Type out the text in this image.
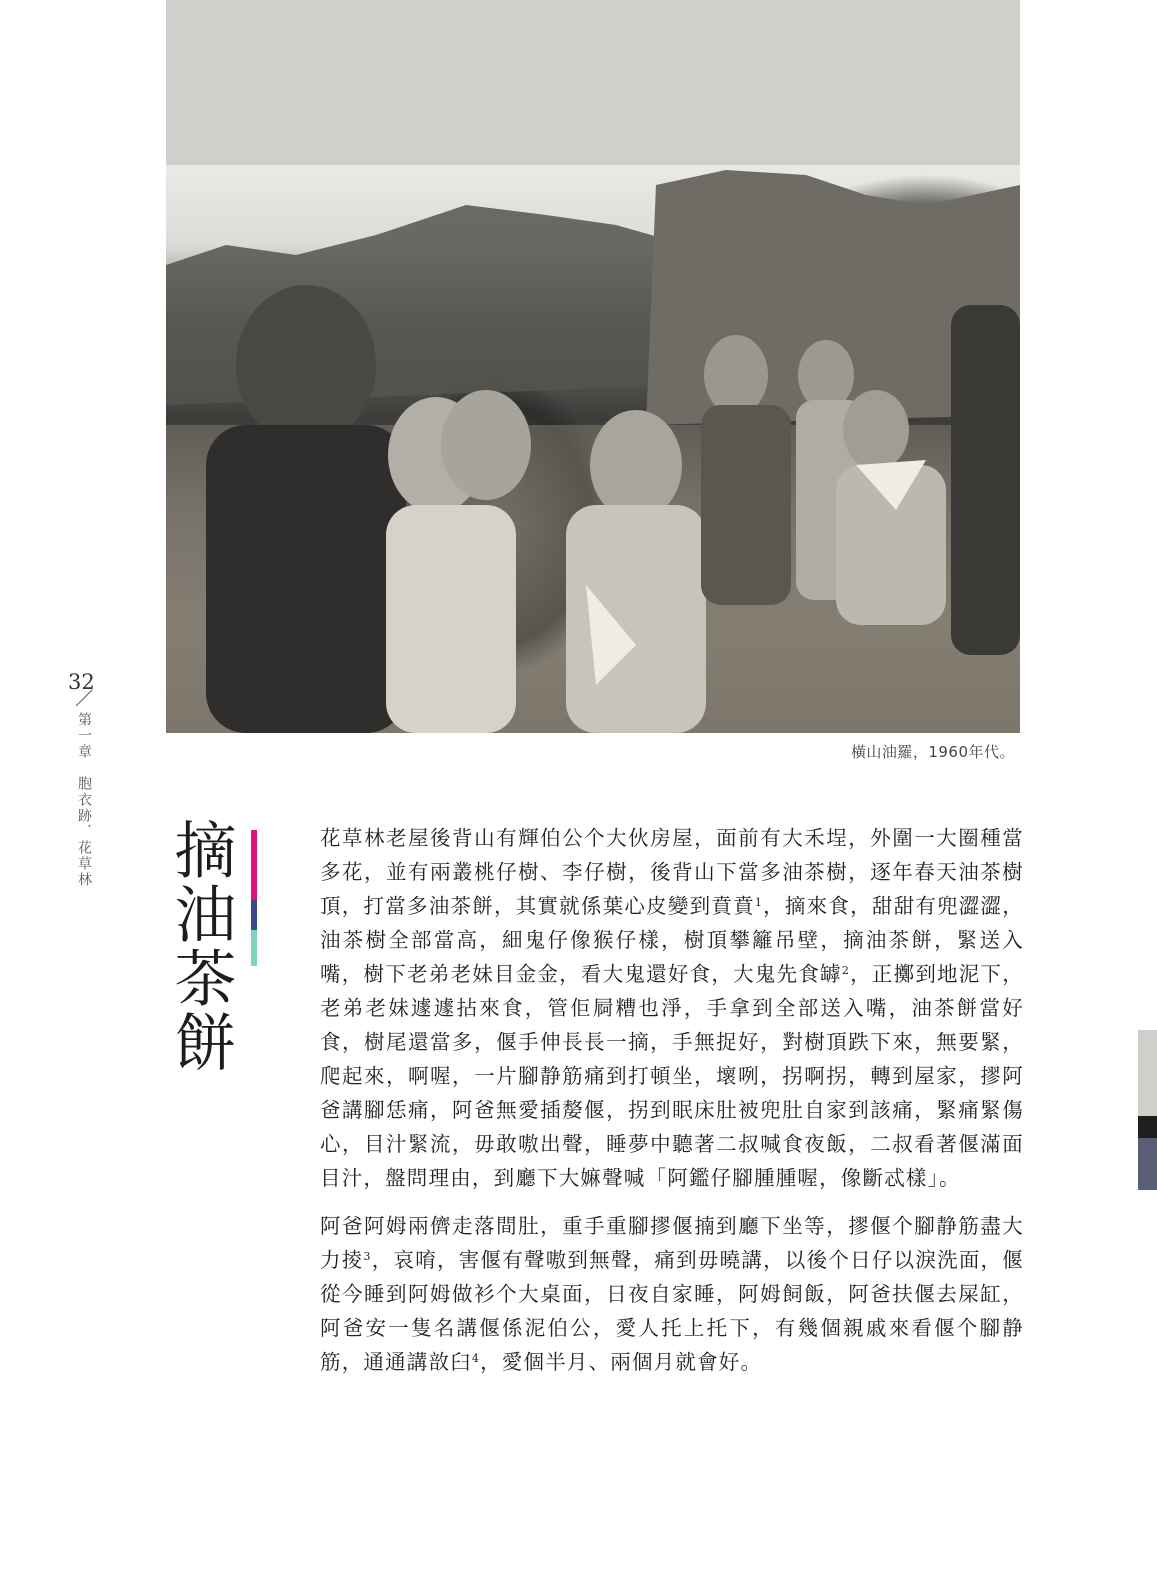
橫山油羅，1960年代。
32
第一章　胞衣跡．花草林
摘油茶餅	花草林老屋後背山有輝伯公个大伙房屋，面前有大禾埕，外圍一大圈種當多花，並有兩叢桃仔樹、李仔樹，後背山下當多油茶樹，逐年春天油茶樹頂，打當多油茶餅，其實就係葉心皮變到賁賁$^1$，摘來食，甜甜有兜澀澀，油茶樹全部當高，細鬼仔像猴仔樣，樹頂攀籬吊壁，摘油茶餅，緊送入嘴，樹下老弟老妹目金金，看大鬼還好食，大鬼先食罅$^2$，正擲到地泥下，老弟老妹遽遽拈來食，管佢屙糟也淨，手拿到全部送入嘴，油茶餅當好食，樹尾還當多，偃手伸長長一摘，手無捉好，對樹頂跌下來，無要緊，爬起來，啊喔，一片腳静筋痛到打頓坐，壞咧，拐啊拐，轉到屋家，摎阿爸講腳恁痛，阿爸無愛插嫠偃，拐到眠床肚被兜肚自家到該痛，緊痛緊傷心，目汁緊流，毋敢嗷出聲，睡夢中聽著二叔喊食夜飯，二叔看著偃滿面目汁，盤問理由，到廳下大嫲聲喊「阿鑑仔腳腫腫喔，像斷忒樣」。

阿爸阿姆兩儕走落間肚，重手重腳摎偃揇到廳下坐等，摎偃个腳静筋盡大力掕$^3$，哀唷，害偃有聲嗷到無聲，痛到毋曉講，以後个日仔以淚洗面，偃從今睡到阿姆做衫个大桌面，日夜自家睡，阿姆飼飯，阿爸扶偃去屎缸，阿爸安一隻名講偃係泥伯公，愛人托上托下，有幾個親戚來看偃个腳静筋，通通講敨臼$^4$，愛個半月、兩個月就會好。
